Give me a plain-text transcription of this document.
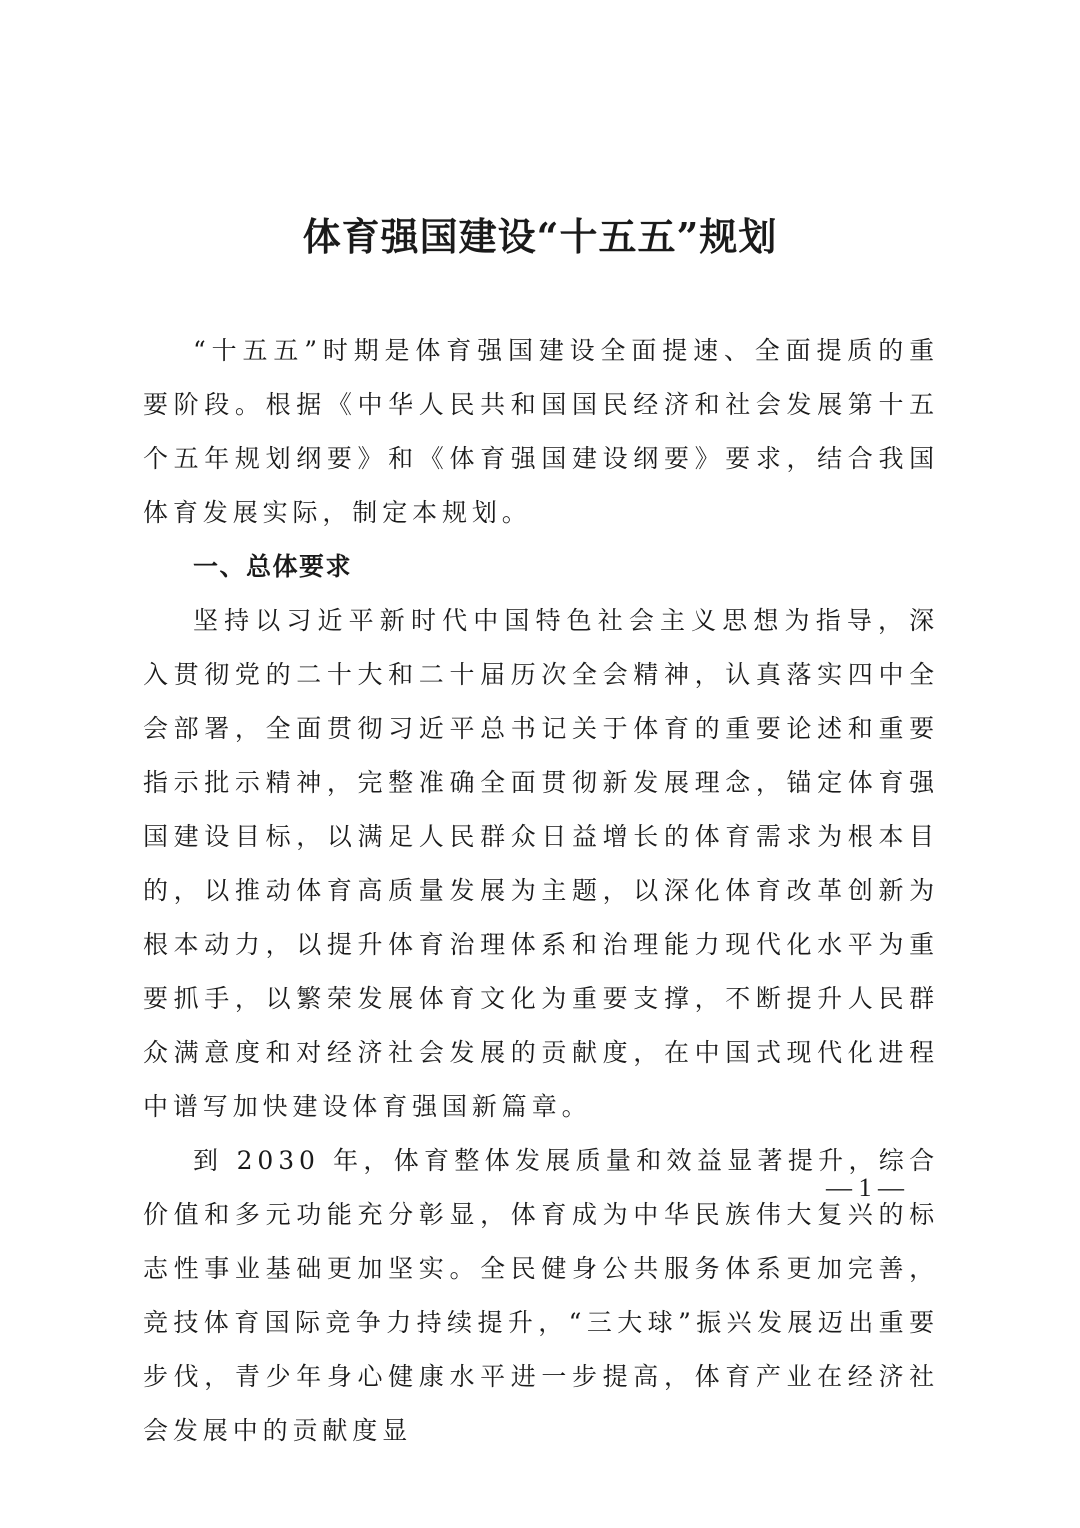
体育强国建设“十五五”规划

“十五五”时期是体育强国建设全面提速、全面提质的重要阶段。根据《中华人民共和国国民经济和社会发展第十五个五年规划纲要》和《体育强国建设纲要》要求，结合我国体育发展实际，制定本规划。

一、总体要求

坚持以习近平新时代中国特色社会主义思想为指导，深入贯彻党的二十大和二十届历次全会精神，认真落实四中全会部署，全面贯彻习近平总书记关于体育的重要论述和重要指示批示精神，完整准确全面贯彻新发展理念，锚定体育强国建设目标，以满足人民群众日益增长的体育需求为根本目的，以推动体育高质量发展为主题，以深化体育改革创新为根本动力，以提升体育治理体系和治理能力现代化水平为重要抓手，以繁荣发展体育文化为重要支撑，不断提升人民群众满意度和对经济社会发展的贡献度，在中国式现代化进程中谱写加快建设体育强国新篇章。

到 2030 年，体育整体发展质量和效益显著提升，综合价值和多元功能充分彰显，体育成为中华民族伟大复兴的标志性事业基础更加坚实。全民健身公共服务体系更加完善，竞技体育国际竞争力持续提升，“三大球”振兴发展迈出重要步伐，青少年身心健康水平进一步提高，体育产业在经济社会发展中的贡献度显

— 1 —
